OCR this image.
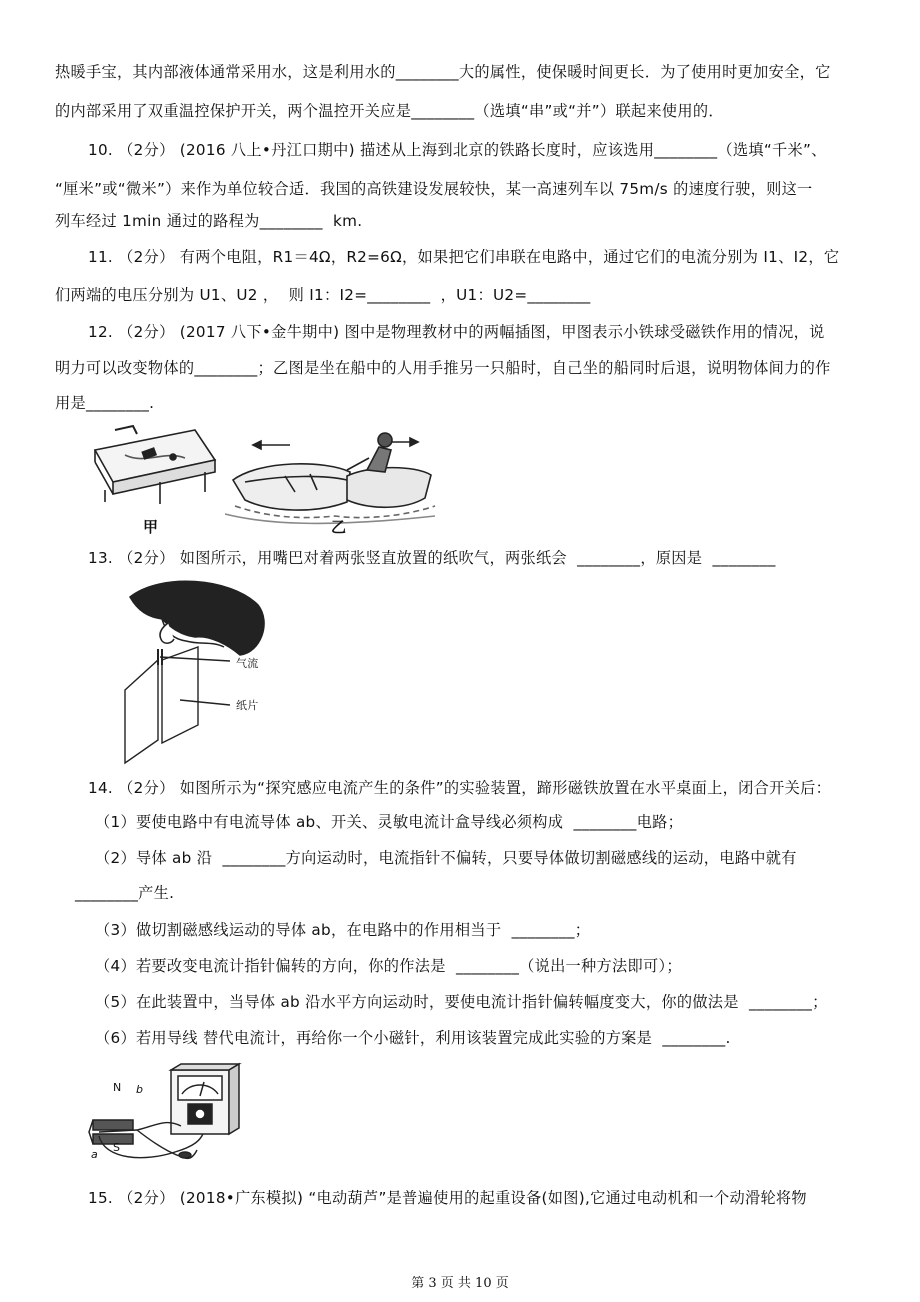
热暖手宝，其内部液体通常采用水，这是利用水的________大的属性，使保暖时间更长．为了使用时更加安全，它
的内部采用了双重温控保护开关，两个温控开关应是________（选填“串”或“并”）联起来使用的．
10. （2分） (2016 八上•丹江口期中) 描述从上海到北京的铁路长度时，应该选用________（选填“千米”、
“厘米”或“微米”）来作为单位较合适．我国的高铁建设发展较快，某一高速列车以 75m/s 的速度行驶，则这一
列车经过 1min 通过的路程为________  km.
11. （2分） 有两个电阻，R1＝4Ω，R2=6Ω，如果把它们串联在电路中，通过它们的电流分别为 I1、I2，它
们两端的电压分别为 U1、U2 ，  则 I1：I2=________  ，U1：U2=________
12. （2分） (2017 八下•金牛期中) 图中是物理教材中的两幅插图，甲图表示小铁球受磁铁作用的情况，说
明力可以改变物体的________；乙图是坐在船中的人用手推另一只船时，自己坐的船同时后退，说明物体间力的作
用是________.
甲	乙
13. （2分） 如图所示，用嘴巴对着两张竖直放置的纸吹气，两张纸会  ________，原因是  ________
气流
纸片
14. （2分） 如图所示为“探究感应电流产生的条件”的实验装置，蹄形磁铁放置在水平桌面上，闭合开关后：
（1）要使电路中有电流导体 ab、开关、灵敏电流计盒导线必须构成  ________电路；
（2）导体 ab 沿  ________方向运动时，电流指针不偏转，只要导体做切割磁感线的运动，电路中就有
________产生.
（3）做切割磁感线运动的导体 ab，在电路中的作用相当于  ________；
（4）若要改变电流计指针偏转的方向，你的作法是  ________（说出一种方法即可）；
（5）在此装置中，当导体 ab 沿水平方向运动时，要使电流计指针偏转幅度变大，你的做法是  ________；
（6）若用导线 替代电流计，再给你一个小磁针，利用该装置完成此实验的方案是  ________.
N
S
a
b
15. （2分） (2018•广东模拟) “电动葫芦”是普遍使用的起重设备(如图),它通过电动机和一个动滑轮将物
第 3 页 共 10 页
